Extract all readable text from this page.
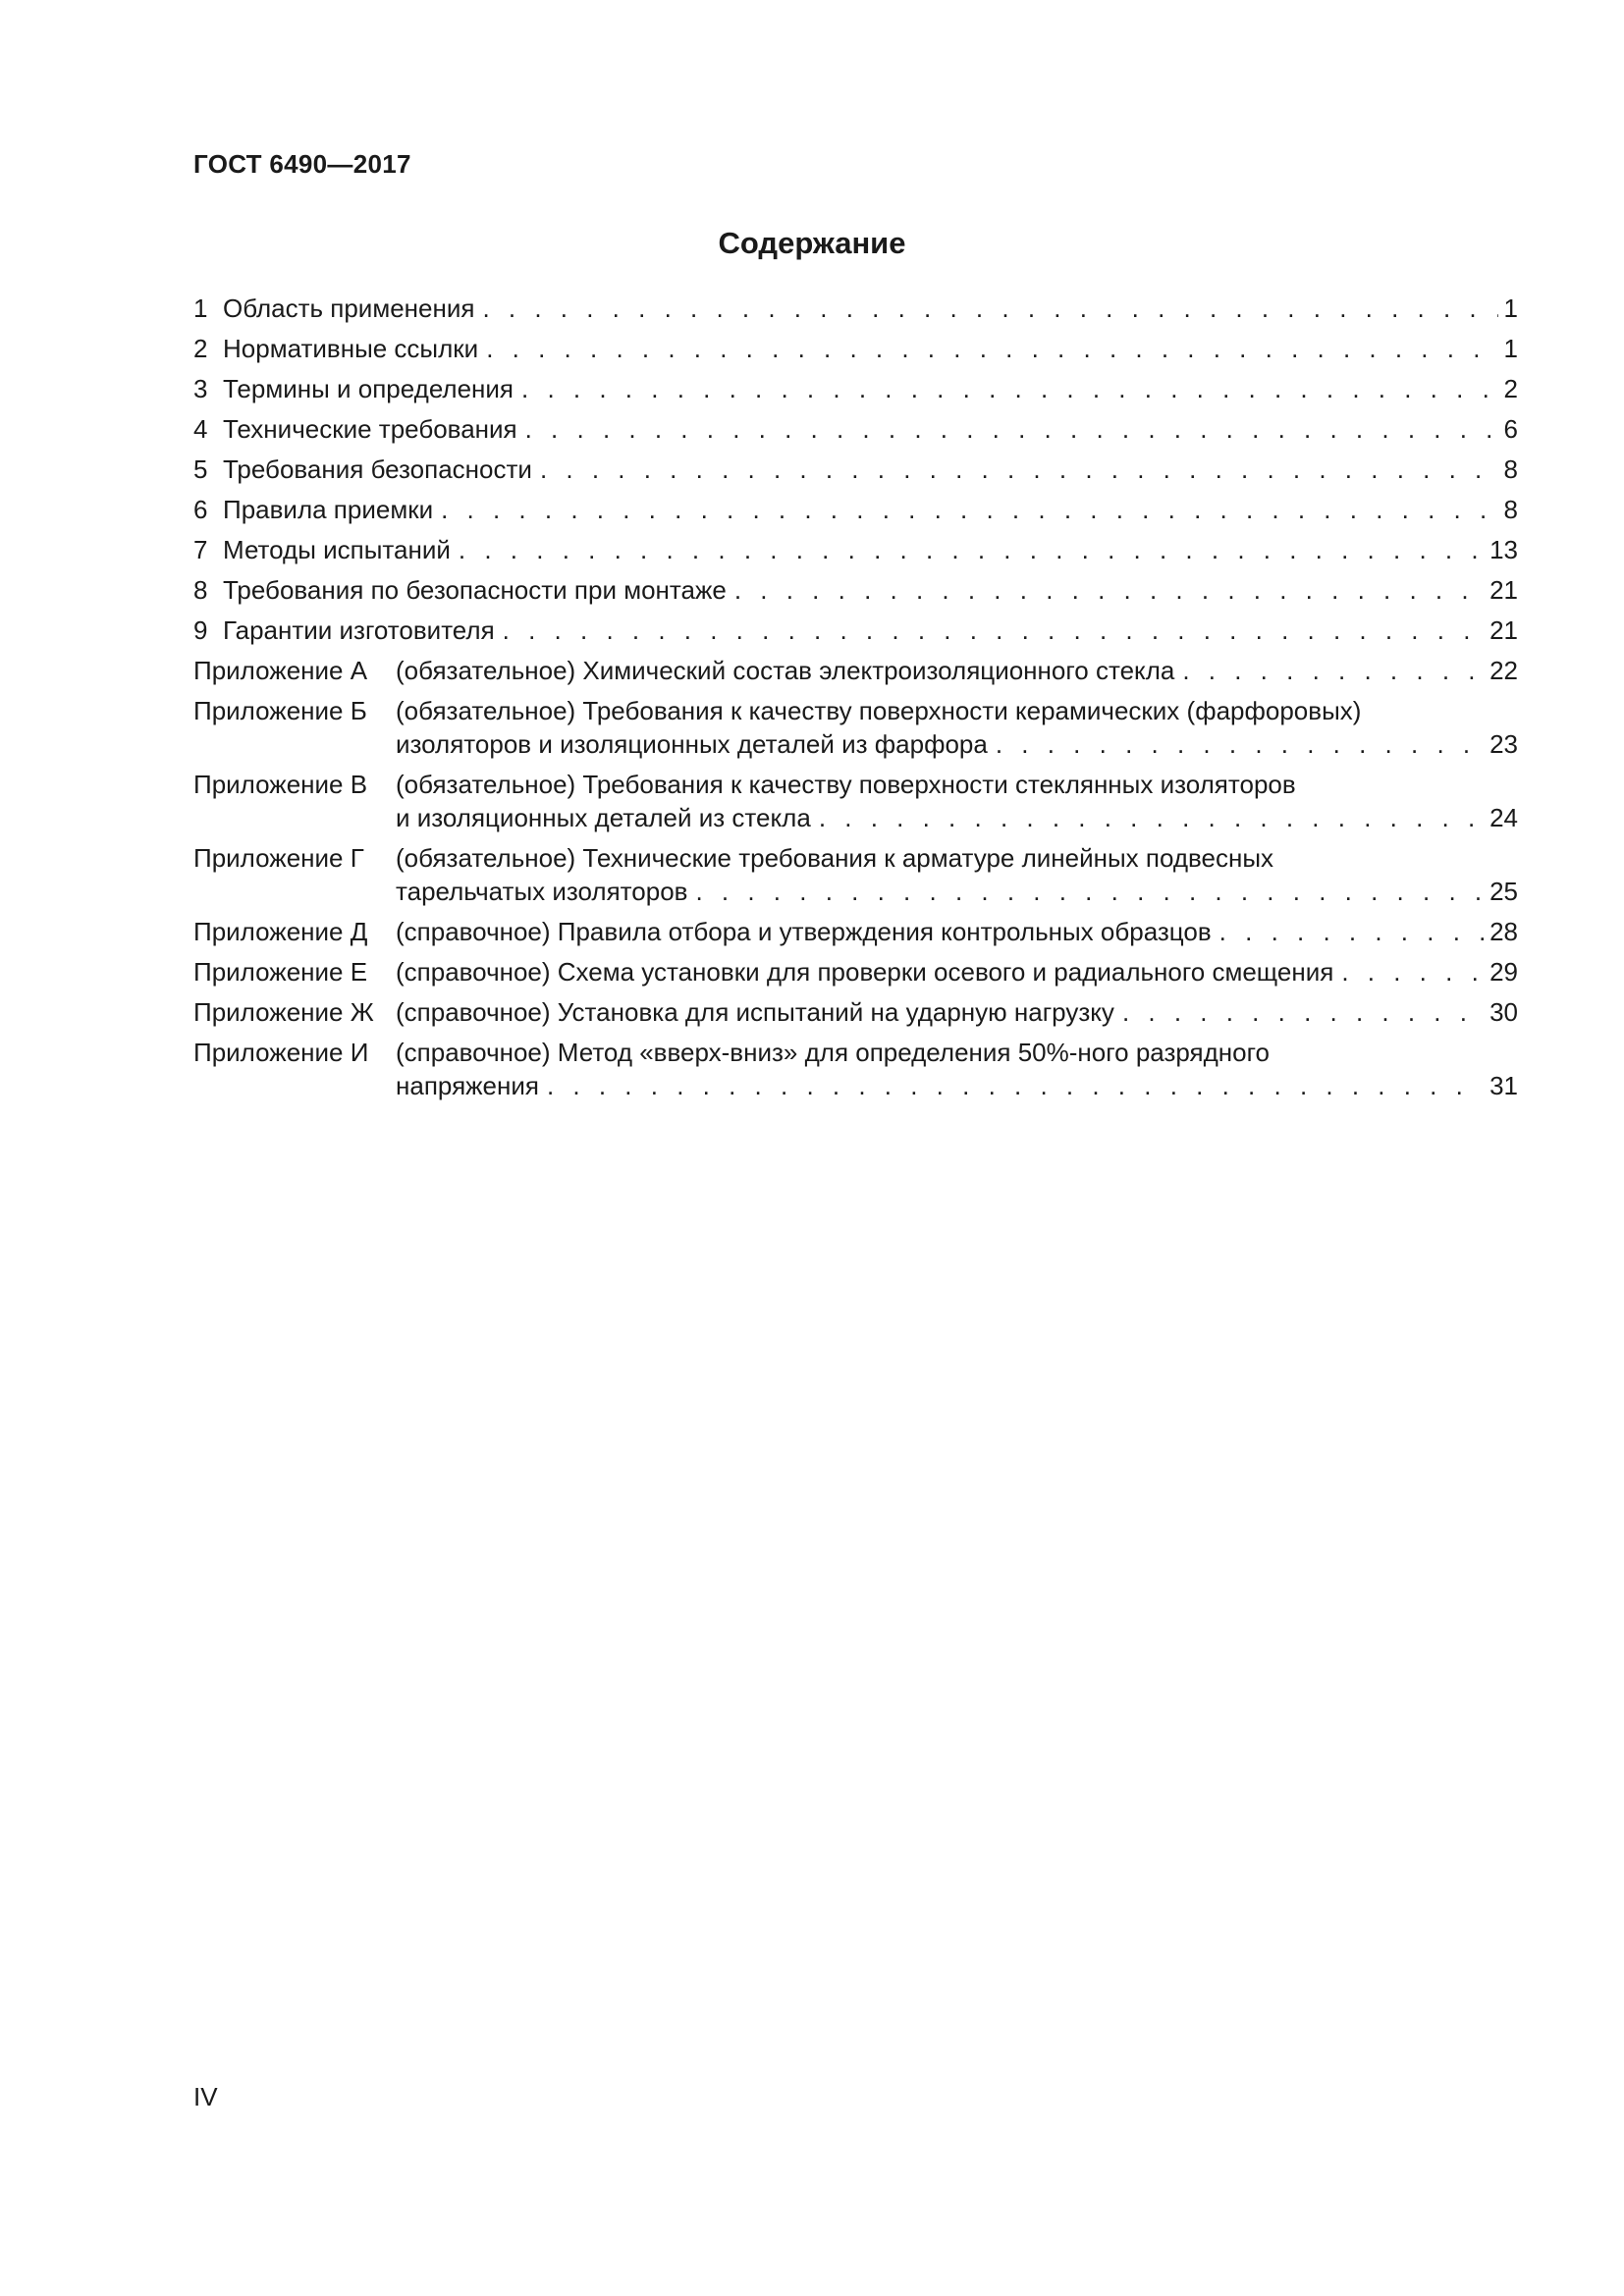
ГОСТ 6490—2017

Содержание
1 Область применения . . .	1
2 Нормативные ссылки . . .	1
3 Термины и определения . . .	2
4 Технические требования . . .	6
5 Требования безопасности . . .	8
6 Правила приемки . . .	8
7 Методы испытаний . . .	13
8 Требования по безопасности при монтаже . . .	21
9 Гарантии изготовителя . . .	21
Приложение А	(обязательное) Химический состав электроизоляционного стекла . . .	22
Приложение Б	(обязательное) Требования к качеству поверхности керамических (фарфоровых)
изоляторов и изоляционных деталей из фарфора . . .	23
Приложение В	(обязательное) Требования к качеству поверхности стеклянных изоляторов
и изоляционных деталей из стекла . . .	24
Приложение Г	(обязательное) Технические требования к арматуре линейных подвесных
тарельчатых изоляторов . . .	25
Приложение Д	(справочное) Правила отбора и утверждения контрольных образцов . . .	28
Приложение Е	(справочное) Схема установки для проверки осевого и радиального смещения . . .	29
Приложение Ж (справочное) Установка для испытаний на ударную нагрузку . . .	30
Приложение И	(справочное) Метод «вверх-вниз» для определения 50%-ного разрядного
напряжения . . .	31

IV
